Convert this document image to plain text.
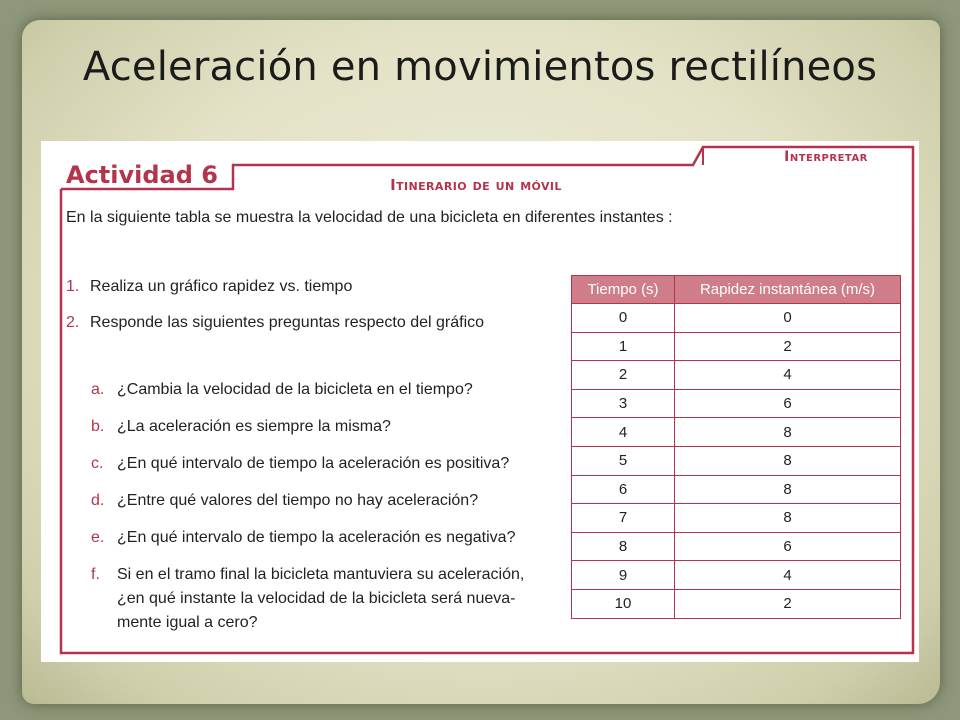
Aceleración en movimientos rectilíneos
Actividad 6
Interpretar
Itinerario de un móvil
En la siguiente tabla se muestra la velocidad de una bicicleta en diferentes instantes :
1. Realiza un gráfico rapidez vs. tiempo
2. Responde las siguientes preguntas respecto del gráfico
a. ¿Cambia la velocidad de la bicicleta en el tiempo?
b. ¿La aceleración es siempre la misma?
c. ¿En qué intervalo de tiempo la aceleración es positiva?
d. ¿Entre qué valores del tiempo no hay aceleración?
e. ¿En qué intervalo de tiempo la aceleración es negativa?
f. Si en el tramo final la bicicleta mantuviera su aceleración,
¿en qué instante la velocidad de la bicicleta será nueva-
mente igual a cero?
Tiempo (s)	Rapidez instantánea (m/s)
0	0
1	2
2	4
3	6
4	8
5	8
6	8
7	8
8	6
9	4
10	2
